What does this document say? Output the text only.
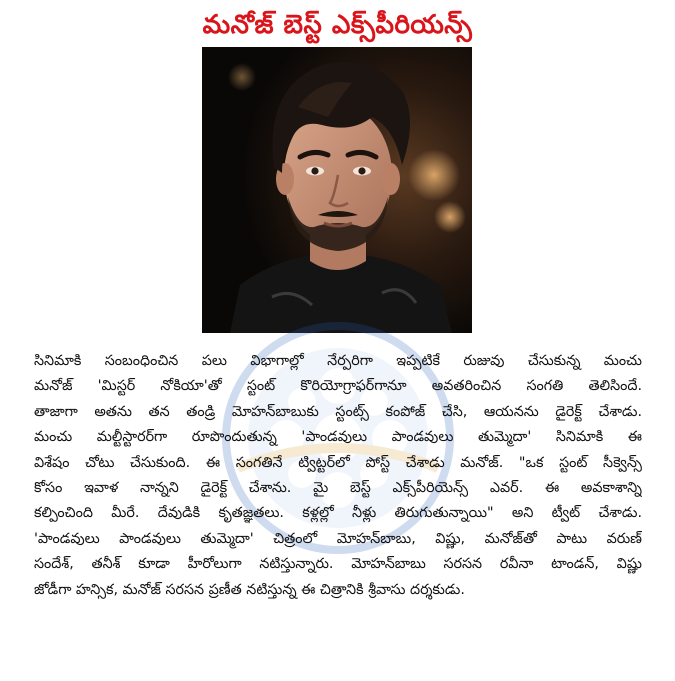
మనోజ్ బెస్ట్ ఎక్స్‌పీరియన్స్

సినిమాకి సంబంధించిన పలు విభాగాల్లో నేర్పరిగా ఇప్పటికే రుజువు చేసుకున్న మంచు

మనోజ్ 'మిస్టర్ నోకియా'తో స్టంట్ కొరియోగ్రాఫర్‌గానూ అవతరించిన సంగతి తెలిసిందే.

తాజాగా అతను తన తండ్రి మోహన్‌బాబుకు స్టంట్స్ కంపోజ్ చేసి, ఆయనను డైరెక్ట్ చేశాడు.

మంచు మల్టీస్టారర్‌గా రూపొందుతున్న 'పాండవులు పాండవులు తుమ్మెదా' సినిమాకి ఈ

విశేషం చోటు చేసుకుంది. ఈ సంగతినే ట్విట్టర్‌లో పోస్ట్ చేశాడు మనోజ్. "ఒక స్టంట్ సీక్వెన్స్

కోసం ఇవాళ నాన్నని డైరెక్ట్ చేశాను. మై బెస్ట్ ఎక్స్‌పీరియెన్స్ ఎవర్. ఈ అవకాశాన్ని

కల్పించింది మీరే. దేవుడికి కృతజ్ఞతలు. కళ్లల్లో నీళ్లు తిరుగుతున్నాయి" అని ట్వీట్ చేశాడు.

'పాండవులు పాండవులు తుమ్మెదా' చిత్రంలో మోహన్‌బాబు, విష్ణు, మనోజ్‌తో పాటు వరుణ్

సందేశ్, తనీశ్ కూడా హీరోలుగా నటిస్తున్నారు. మోహన్‌బాబు సరసన రవీనా టాండన్, విష్ణు

జోడీగా హన్సిక, మనోజ్ సరసన ప్రణీత నటిస్తున్న ఈ చిత్రానికి శ్రీవాసు దర్శకుడు.
